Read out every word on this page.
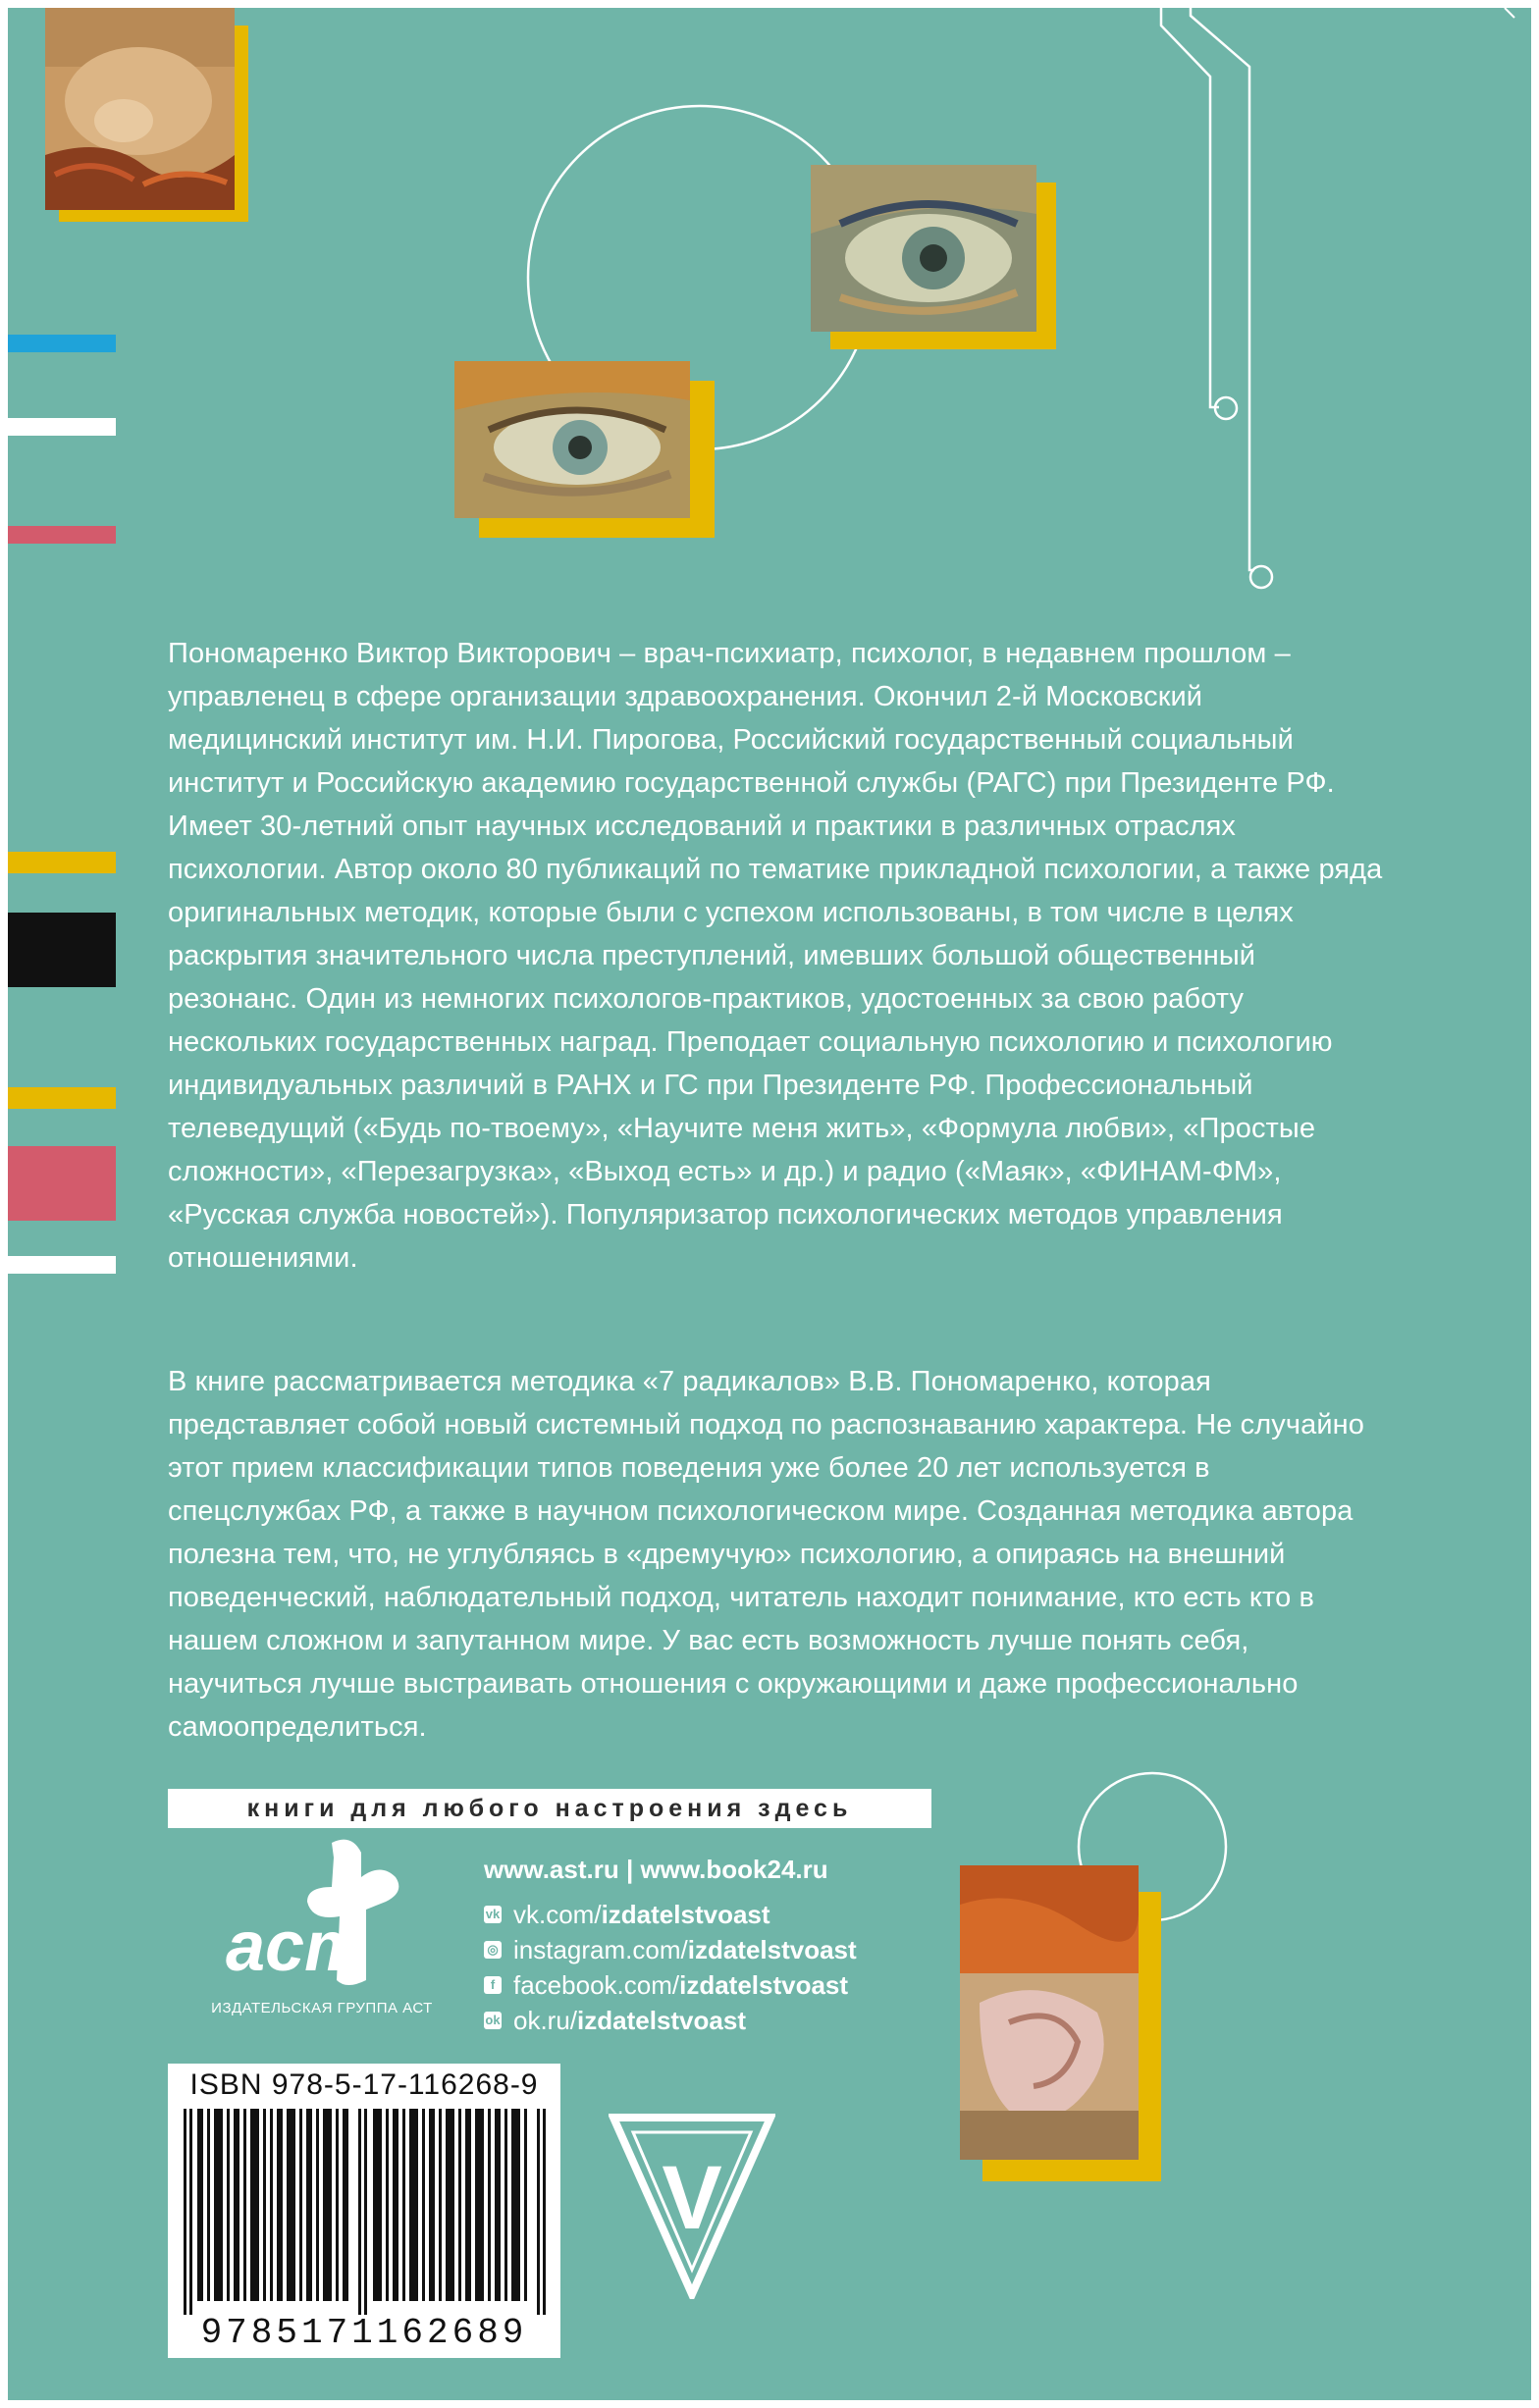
Пономаренко Виктор Викторович – врач-психиатр, психолог, в недавнем прошлом – управленец в сфере организации здравоохранения. Окончил 2-й Московский медицинский институт им. Н.И. Пирогова, Российский государственный социальный институт и Российскую академию государственной службы (РАГС) при Президенте РФ. Имеет 30-летний опыт научных исследований и практики в различных отраслях психологии. Автор около 80 публикаций по тематике прикладной психологии, а также ряда оригинальных методик, которые были с успехом использованы, в том числе в целях раскрытия значительного числа преступлений, имевших большой общественный резонанс. Один из немногих психологов-практиков, удостоенных за свою работу нескольких государственных наград. Преподает социальную психологию и психологию индивидуальных различий в РАНХ и ГС при Президенте РФ. Профессиональный телеведущий («Будь по-твоему», «Научите меня жить», «Формула любви», «Простые сложности», «Перезагрузка», «Выход есть» и др.) и радио («Маяк», «ФИНАМ-ФМ», «Русская служба новостей»). Популяризатор психологических методов управления отношениями.

В книге рассматривается методика «7 радикалов» В.В. Пономаренко, которая представляет собой новый системный подход по распознаванию характера. Не случайно этот прием классификации типов поведения уже более 20 лет используется в спецслужбах РФ, а также в научном психологическом мире. Созданная методика автора полезна тем, что, не углубляясь в «дремучую» психологию, а опираясь на внешний поведенческий, наблюдательный подход, читатель находит понимание, кто есть кто в нашем сложном и запутанном мире. У вас есть возможность лучше понять себя, научиться лучше выстраивать отношения с окружающими и даже профессионально самоопределиться.

книги для любого настроения здесь
аст
ИЗДАТЕЛЬСКАЯ ГРУППА АСТ
www.ast.ru | www.book24.ru
vk vk.com/ izdatelstvoast
◎ instagram.com/ izdatelstvoast
f facebook.com/ izdatelstvoast
ok ok.ru/ izdatelstvoast
ISBN 978-5-17-116268-9
9785171162689
V
